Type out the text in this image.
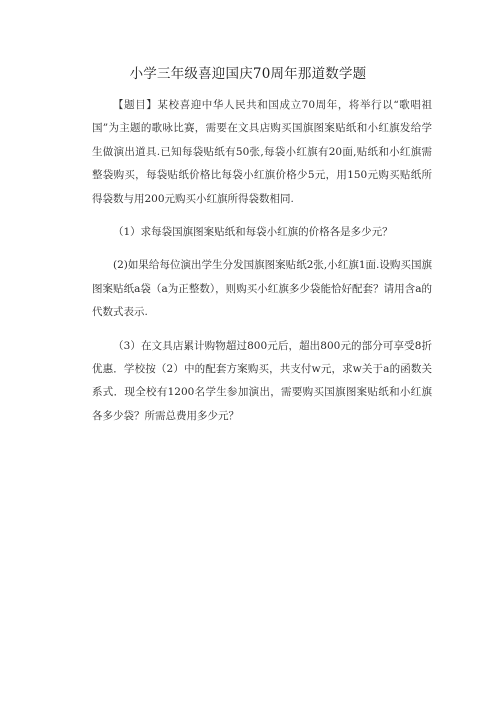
小学三年级喜迎国庆70周年那道数学题

【题目】某校喜迎中华人民共和国成立70周年，将举行以“歌唱祖国”为主题的歌咏比赛，需要在文具店购买国旗图案贴纸和小红旗发给学生做演出道具.已知每袋贴纸有50张,每袋小红旗有20面,贴纸和小红旗需整袋购买，每袋贴纸价格比每袋小红旗价格少5元，用150元购买贴纸所得袋数与用200元购买小红旗所得袋数相同.

（1）求每袋国旗图案贴纸和每袋小红旗的价格各是多少元？

(2)如果给每位演出学生分发国旗图案贴纸2张,小红旗1面.设购买国旗图案贴纸a袋（a为正整数），则购买小红旗多少袋能恰好配套？请用含a的代数式表示.

（3）在文具店累计购物超过800元后，超出800元的部分可享受8折优惠．学校按（2）中的配套方案购买，共支付w元，求w关于a的函数关系式．现全校有1200名学生参加演出，需要购买国旗图案贴纸和小红旗各多少袋？所需总费用多少元？
